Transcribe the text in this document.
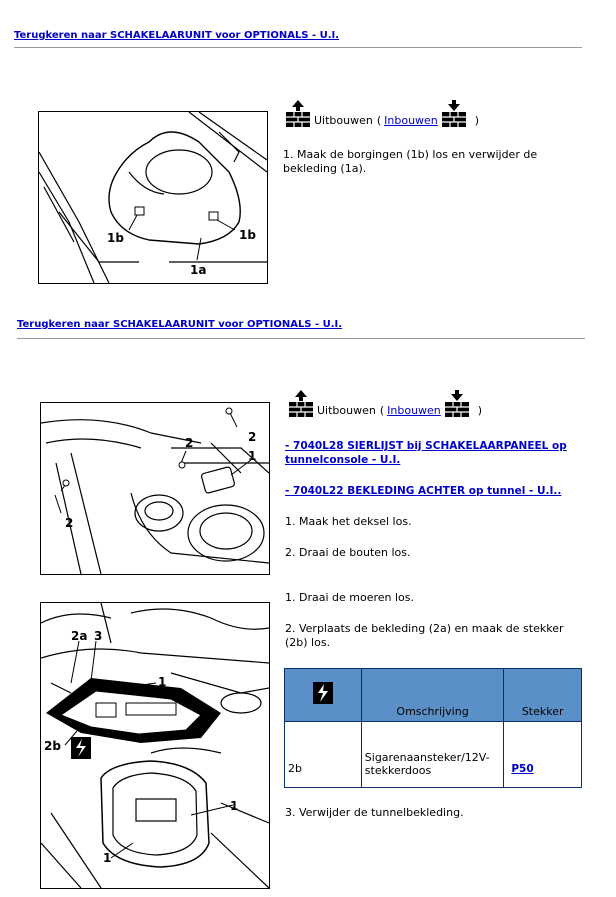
Terugkeren naar SCHAKELAARUNIT voor OPTIONALS - U.I.
1b	1b
1a
Uitbouwen ( Inbouwen	)
1. Maak de borgingen (1b) los en verwijder de bekleding (1a).
Terugkeren naar SCHAKELAARUNIT voor OPTIONALS - U.I.
2	2
1
2
Uitbouwen ( Inbouwen	)
- 7040L28 SIERLIJST bij SCHAKELAARPANEEL op tunnelconsole - U.I.
- 7040L22 BEKLEDING ACHTER op tunnel - U.I..
1. Maak het deksel los.
2. Draai de bouten los.
2a 3
1
2b
1
1
1. Draai de moeren los.
2. Verplaats de bekleding (2a) en maak de stekker (2b) los.
	Omschrijving	Stekker
2b	Sigarenaansteker/12V-stekkerdoos	P50
3. Verwijder de tunnelbekleding.
